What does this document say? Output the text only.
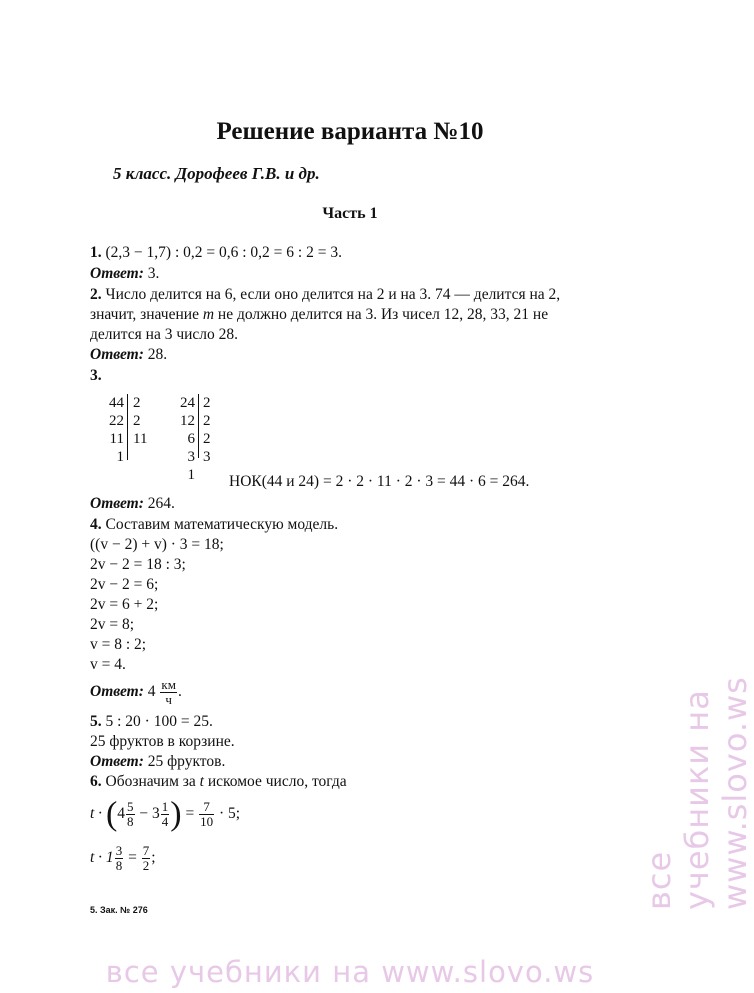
Решение варианта №10
5 класс. Дорофеев Г.В. и др.
Часть 1
1. (2,3 − 1,7) : 0,2 = 0,6 : 0,2 = 6 : 2 = 3.
Ответ: 3.
2. Число делится на 6, если оно делится на 2 и на 3. 74 — делится на 2,
значит, значение m не должно делится на 3. Из чисел 12, 28, 33, 21 не
делится на 3 число 28.
Ответ: 28.
3.
44
22
11
1
2
2
11
24
12
6
3
1
2
2
2
3
НОК(44 и 24) = 2 · 2 · 11 · 2 · 3 = 44 · 6 = 264.
Ответ: 264.
4. Составим математическую модель.
((v − 2) + v) · 3 = 18;
2v − 2 = 18 : 3;
2v − 2 = 6;
2v = 6 + 2;
2v = 8;
v = 8 : 2;
v = 4.
Ответ: $4 \frac{км}{ч}$ .
5. 5 : 20 · 100 = 25.
25 фруктов в корзине.
Ответ: 25 фруктов.
6. Обозначим за t искомое число, тогда
$t \cdot (4 \frac{5}{8} - 3 \frac{1}{4}$ ) = $\frac{7}{10} \cdot 5$;
$t \cdot 1 \frac{3}{8} = \frac{7}{2}$ ;
5. Зак. № 276	все учебники на www.slovo.ws
все учебники на www.slovo.ws
